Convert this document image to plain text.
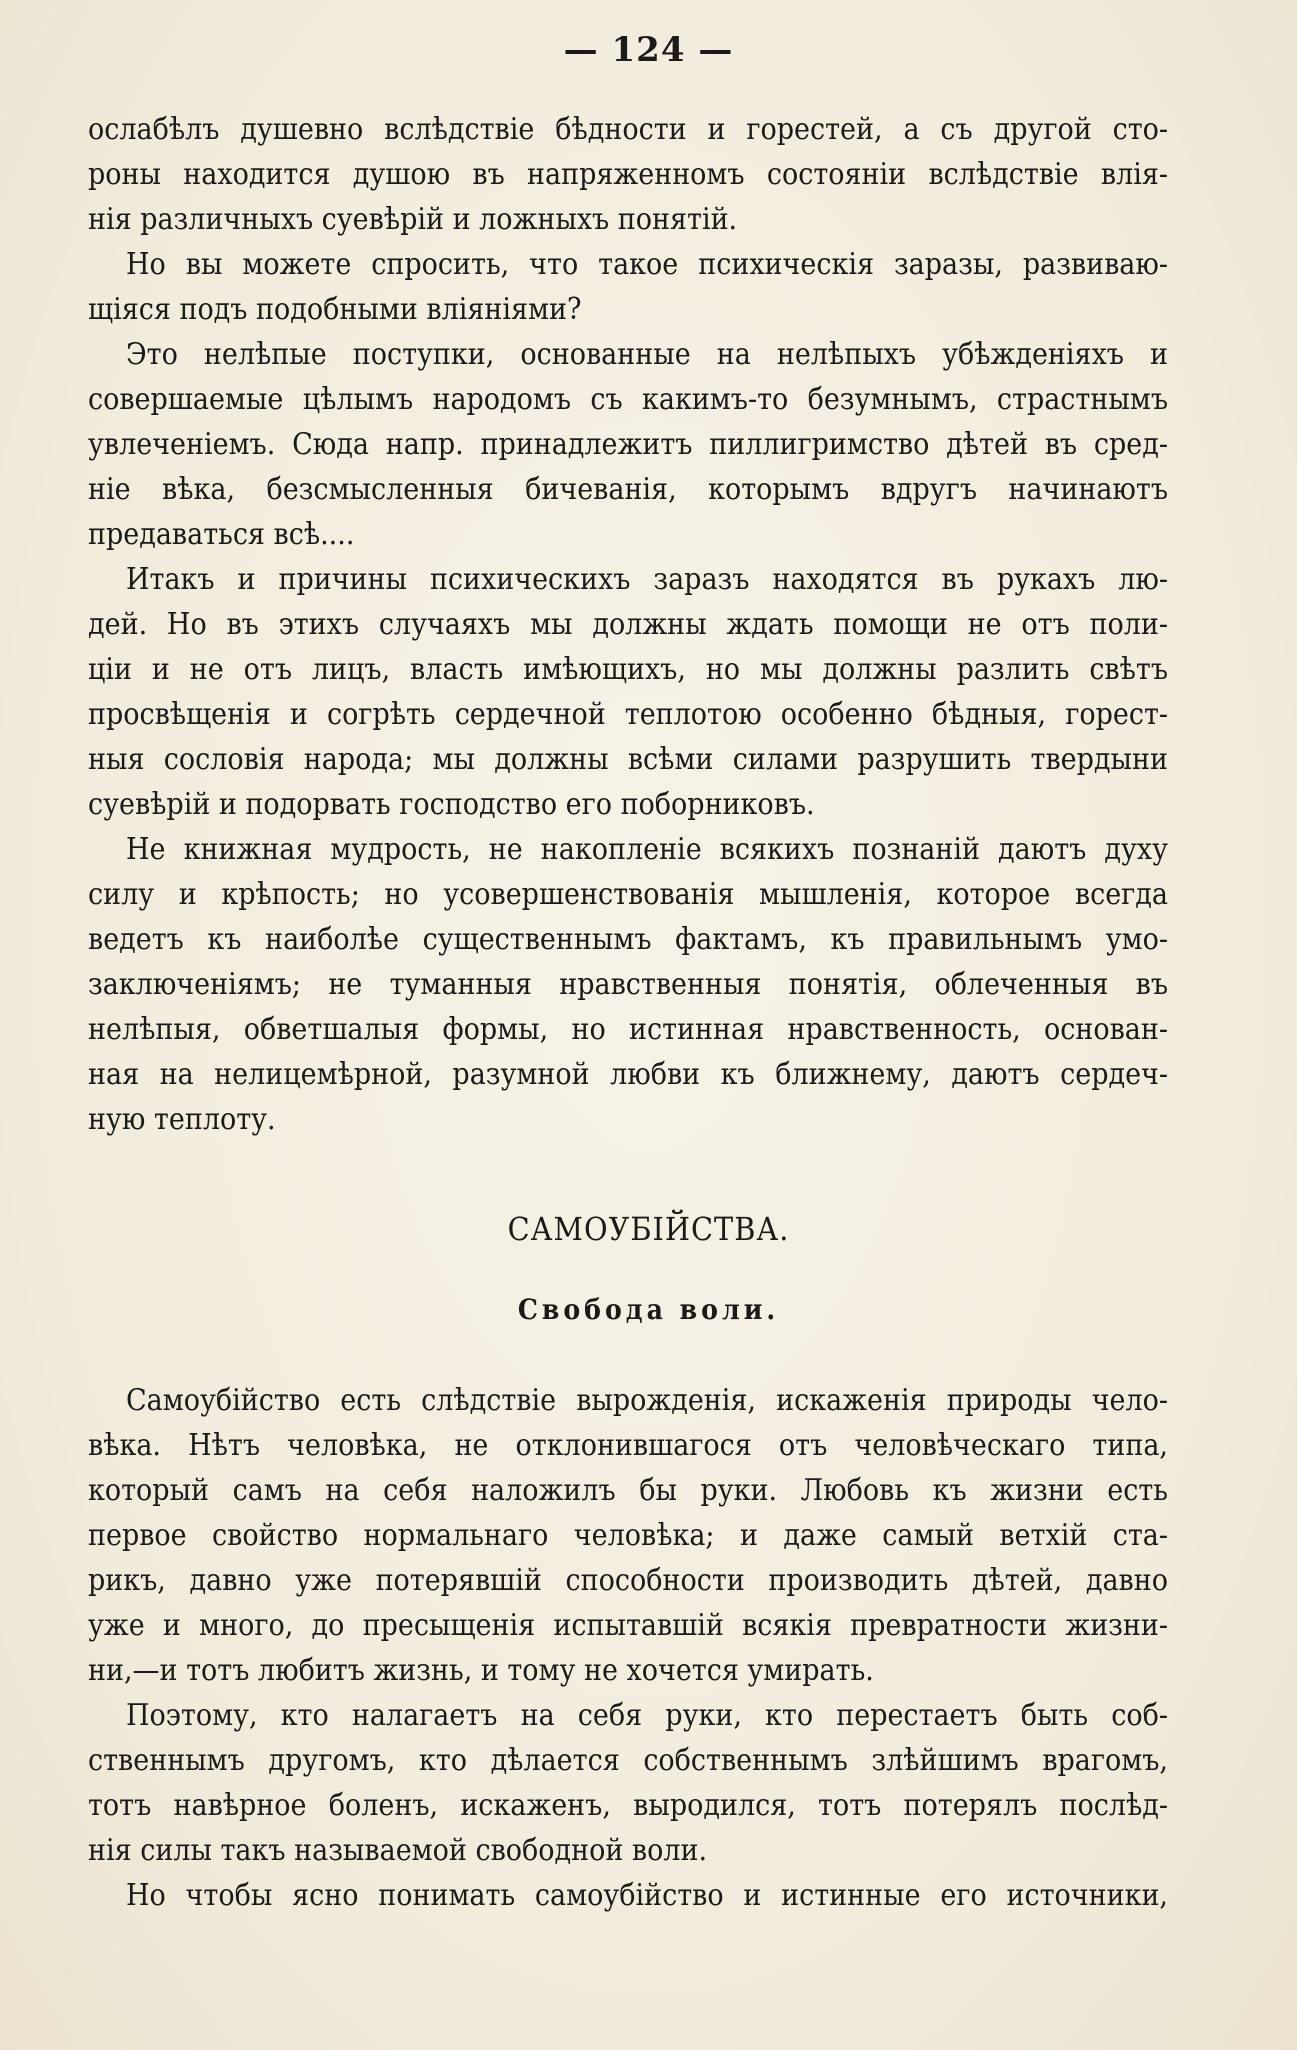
— 124 —
ослабѣлъ душевно вслѣдствіе бѣдности и горестей, а съ другой сто-
роны находится душою въ напряженномъ состояніи вслѣдствіе влія-
нія различныхъ суевѣрій и ложныхъ понятій.
Но вы можете спросить, что такое психическія заразы, развиваю-
щіяся подъ подобными вліяніями?
Это нелѣпые поступки, основанные на нелѣпыхъ убѣжденіяхъ и
совершаемые цѣлымъ народомъ съ какимъ-то безумнымъ, страстнымъ
увлеченіемъ. Сюда напр. принадлежитъ пиллигримство дѣтей въ сред-
ніе вѣка, безсмысленныя бичеванія, которымъ вдругъ начинаютъ
предаваться всѣ....
Итакъ и причины психическихъ заразъ находятся въ рукахъ лю-
дей. Но въ этихъ случаяхъ мы должны ждать помощи не отъ поли-
ціи и не отъ лицъ, власть имѣющихъ, но мы должны разлить свѣтъ
просвѣщенія и согрѣть сердечной теплотою особенно бѣдныя, горест-
ныя сословія народа; мы должны всѣми силами разрушить твердыни
суевѣрій и подорвать господство его поборниковъ.
Не книжная мудрость, не накопленіе всякихъ познаній даютъ духу
силу и крѣпость; но усовершенствованія мышленія, которое всегда
ведетъ къ наиболѣе существеннымъ фактамъ, къ правильнымъ умо-
заключеніямъ; не туманныя нравственныя понятія, облеченныя въ
нелѣпыя, обветшалыя формы, но истинная нравственность, основан-
ная на нелицемѣрной, разумной любви къ ближнему, даютъ сердеч-
ную теплоту.
САМОУБІЙСТВА.
Свобода воли.
Самоубійство есть слѣдствіе вырожденія, искаженія природы чело-
вѣка. Нѣтъ человѣка, не отклонившагося отъ человѣческаго типа,
который самъ на себя наложилъ бы руки. Любовь къ жизни есть
первое свойство нормальнаго человѣка; и даже самый ветхій ста-
рикъ, давно уже потерявшій способности производить дѣтей, давно
уже и много, до пресыщенія испытавшій всякія превратности жизни-
ни,—и тотъ любитъ жизнь, и тому не хочется умирать.
Поэтому, кто налагаетъ на себя руки, кто перестаетъ быть соб-
ственнымъ другомъ, кто дѣлается собственнымъ злѣйшимъ врагомъ,
тотъ навѣрное боленъ, искаженъ, выродился, тотъ потерялъ послѣд-
нія силы такъ называемой свободной воли.
Но чтобы ясно понимать самоубійство и истинные его источники,
